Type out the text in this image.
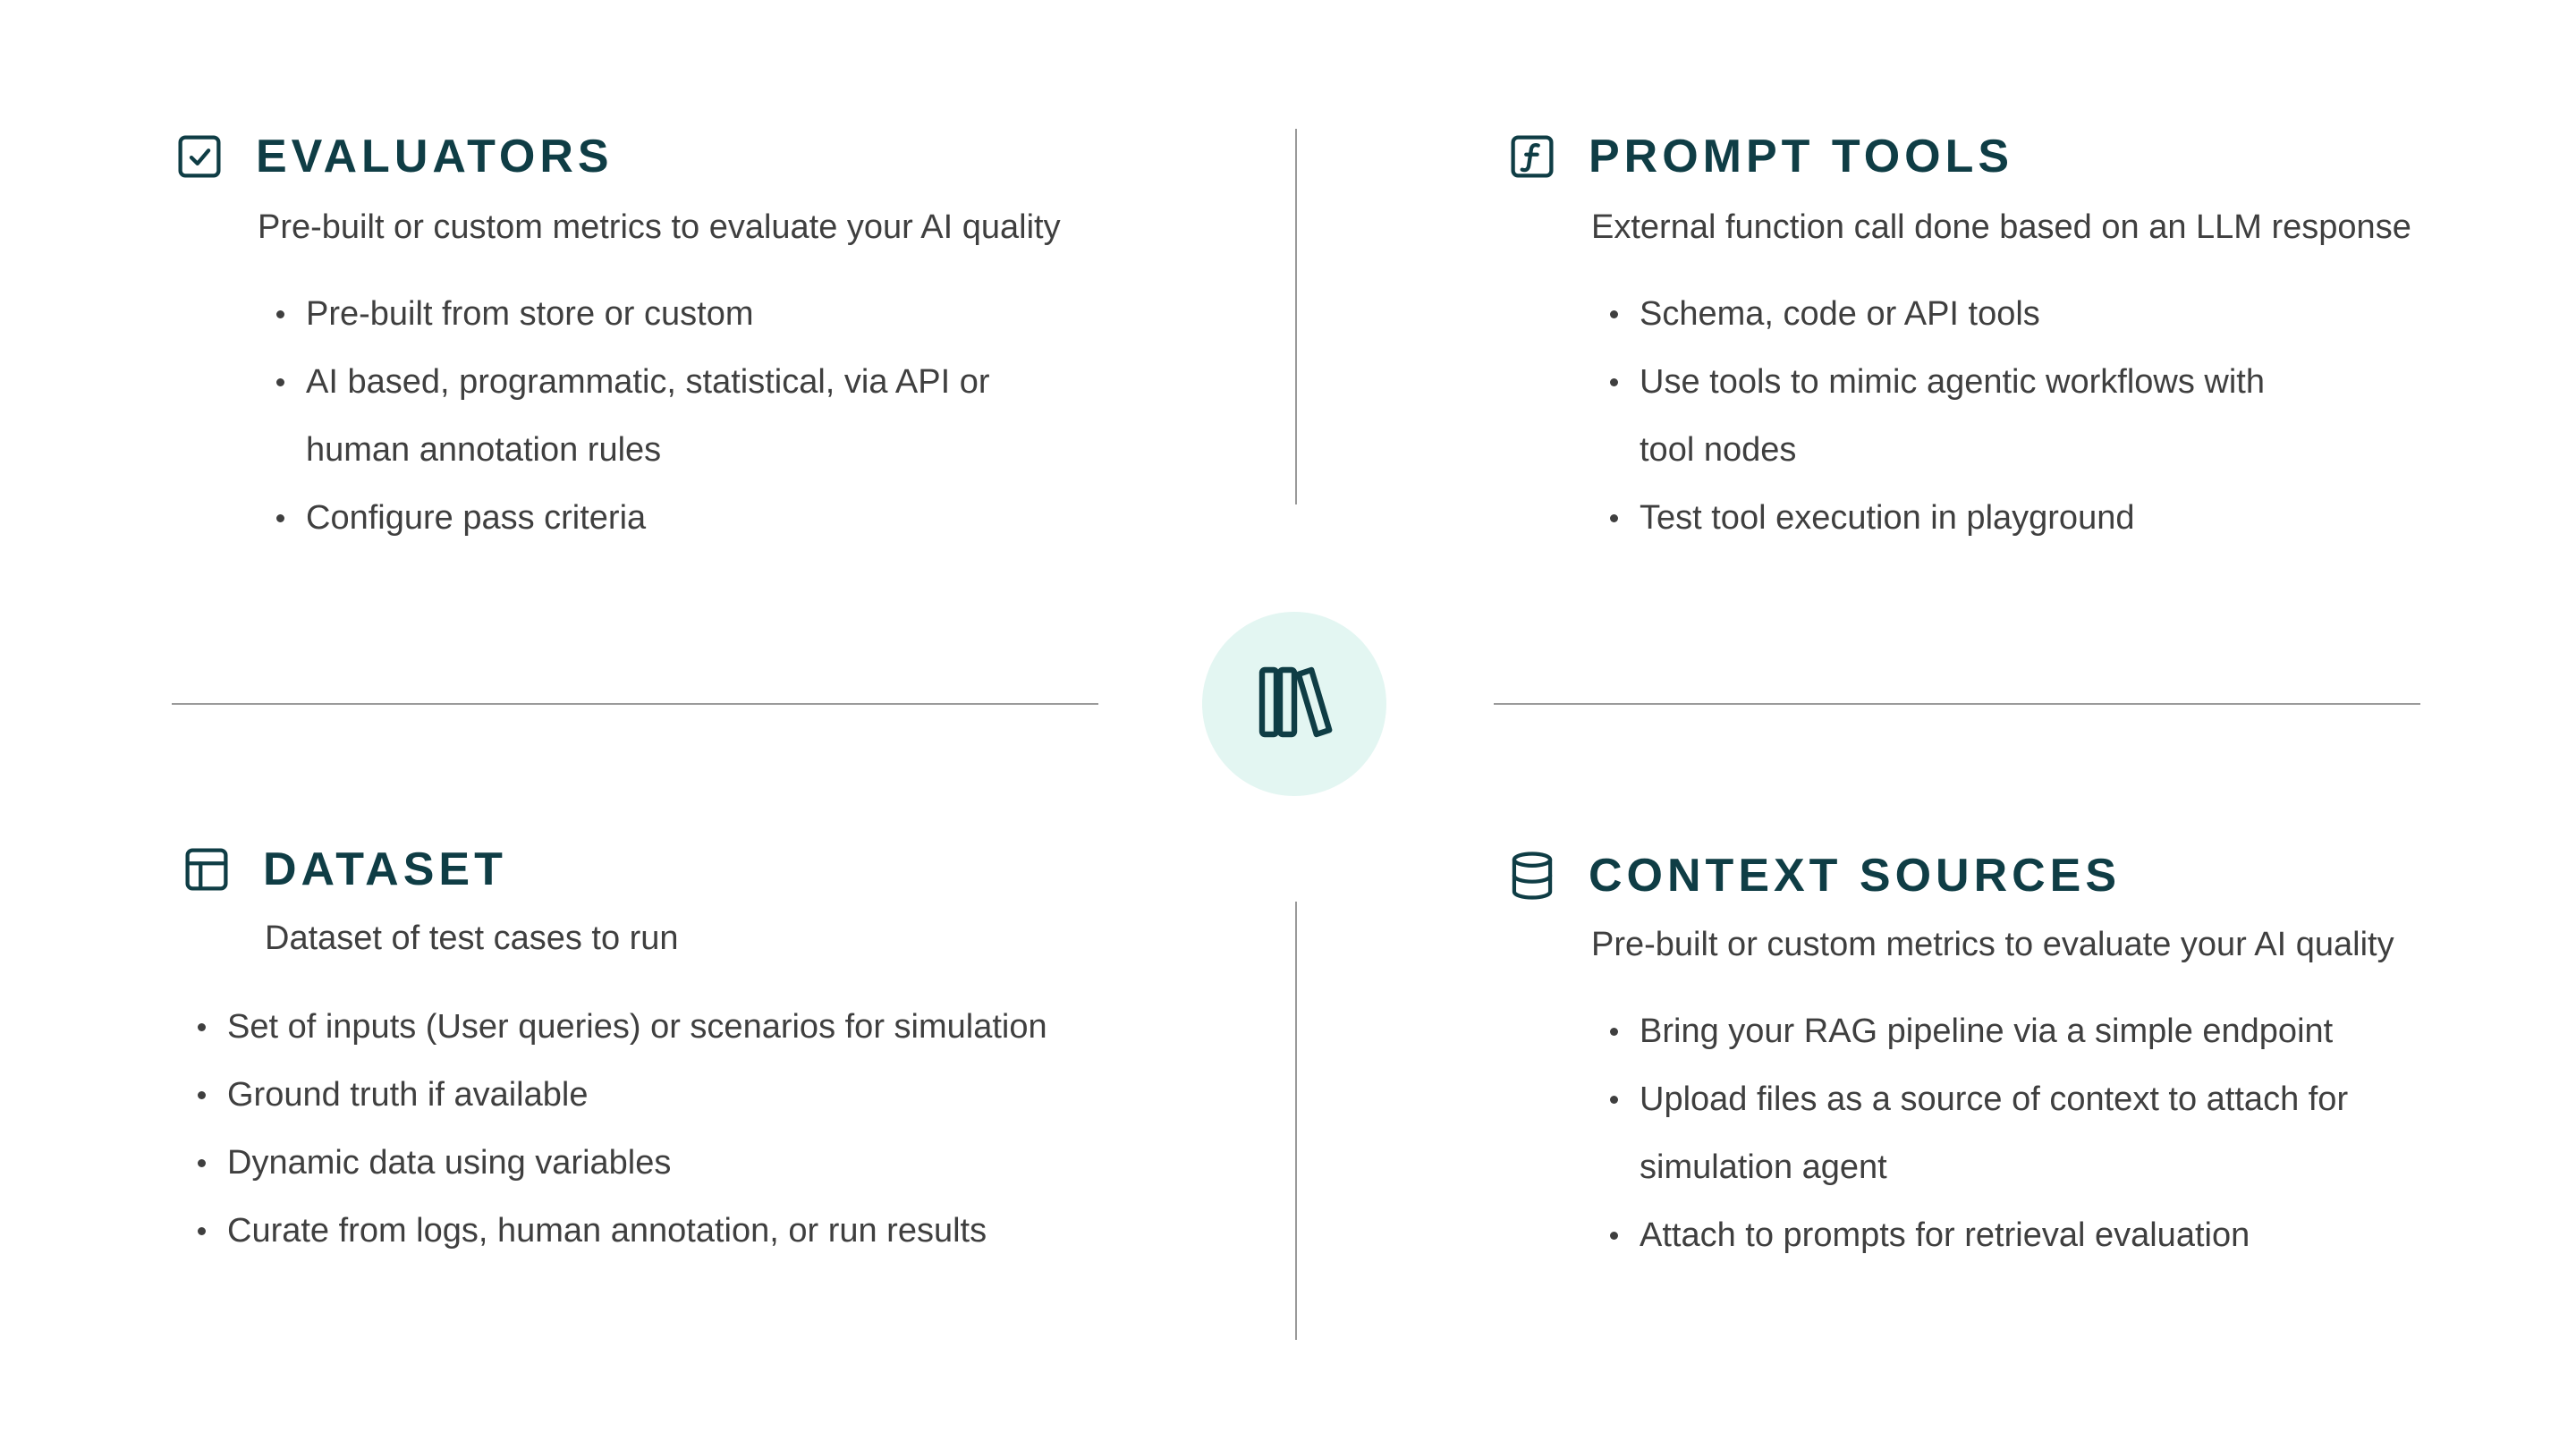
EVALUATORS

Pre-built or custom metrics to evaluate your AI quality

Pre-built from store or custom
AI based, programmatic, statistical, via API or
human annotation rules
Configure pass criteria
PROMPT TOOLS

External function call done based on an LLM response

Schema, code or API tools
Use tools to mimic agentic workflows with
tool nodes
Test tool execution in playground
DATASET

Dataset of test cases to run

Set of inputs (User queries) or scenarios for simulation
Ground truth if available
Dynamic data using variables
Curate from logs, human annotation, or run results
CONTEXT SOURCES

Pre-built or custom metrics to evaluate your AI quality

Bring your RAG pipeline via a simple endpoint
Upload files as a source of context to attach for
simulation agent
Attach to prompts for retrieval evaluation
